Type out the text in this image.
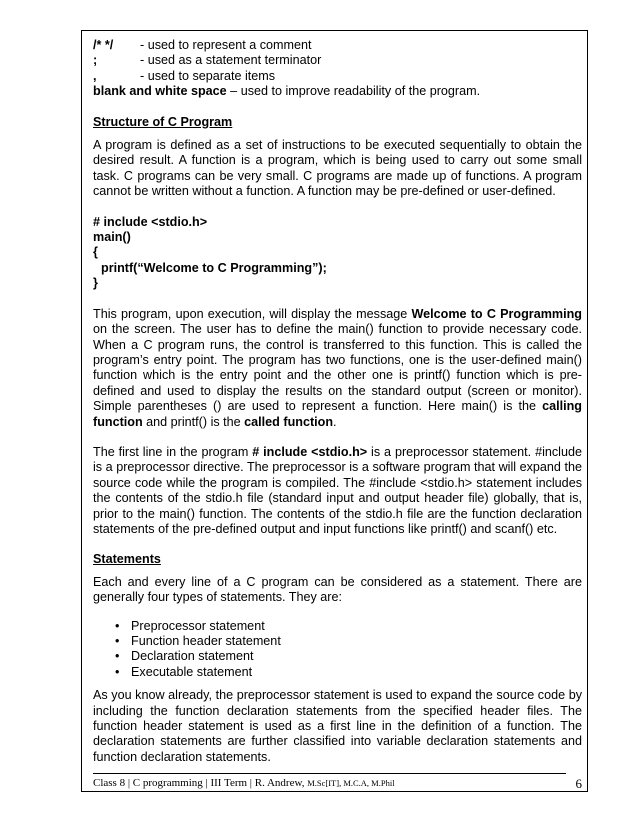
/* */	- used to represent a comment
;	- used as a statement terminator
,	- used to separate items

blank and white space – used to improve readability of the program.

Structure of C Program

A program is defined as a set of instructions to be executed sequentially to obtain the desired result. A function is a program, which is being used to carry out some small task. C programs can be very small. C programs are made up of functions. A program cannot be written without a function. A function may be pre-defined or user-defined.

# include <stdio.h>
main()
{
printf(“Welcome to C Programming”);
}

This program, upon execution, will display the message Welcome to C Programming on the screen. The user has to define the main() function to provide necessary code. When a C program runs, the control is transferred to this function. This is called the program’s entry point. The program has two functions, one is the user-defined main() function which is the entry point and the other one is printf() function which is pre-defined and used to display the results on the standard output (screen or monitor). Simple parentheses () are used to represent a function. Here main() is the calling function and printf() is the called function.

The first line in the program # include <stdio.h> is a preprocessor statement. #include is a preprocessor directive. The preprocessor is a software program that will expand the source code while the program is compiled. The #include <stdio.h> statement includes the contents of the stdio.h file (standard input and output header file) globally, that is, prior to the main() function. The contents of the stdio.h file are the function declaration statements of the pre-defined output and input functions like printf() and scanf() etc.

Statements

Each and every line of a C program can be considered as a statement. There are generally four types of statements. They are:

• Preprocessor statement
• Function header statement
• Declaration statement
• Executable statement

As you know already, the preprocessor statement is used to expand the source code by including the function declaration statements from the specified header files. The function header statement is used as a first line in the definition of a function. The declaration statements are further classified into variable declaration statements and function declaration statements.

Class 8 | C programming | III Term | R. Andrew, M.Sc[IT], M.C.A, M.Phil	6
